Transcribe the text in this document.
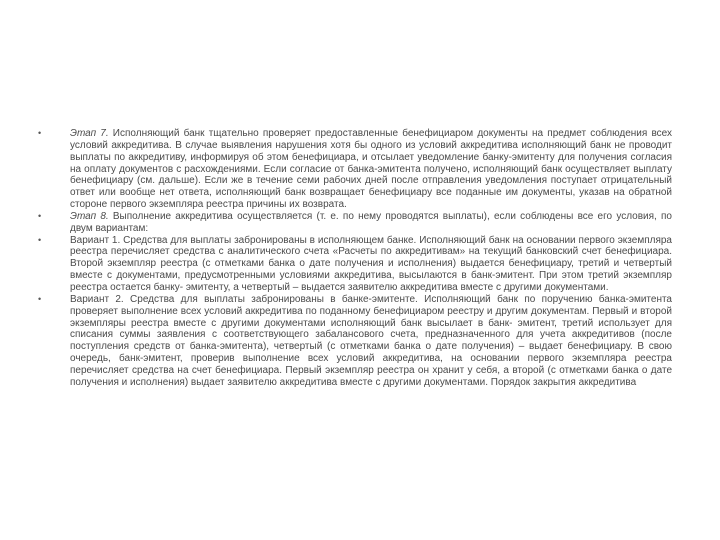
•	Этап 7. Исполняющий банк тщательно проверяет предоставленные бенефициаром документы на предмет соблюдения всех условий аккредитива. В случае выявления нарушения хотя бы одного из условий аккредитива исполняющий банк не проводит выплаты по аккредитиву, информируя об этом бенефициара, и отсылает уведомление банку-эмитенту для получения согласия на оплату документов с расхождениями. Если согласие от банка-эмитента получено, исполняющий банк осуществляет выплату бенефициару (см. дальше). Если же в течение семи рабочих дней после отправления уведомления поступает отрицательный ответ или вообще нет ответа, исполняющий банк возвращает бенефициару все поданные им документы, указав на обратной стороне первого экземпляра реестра причины их возврата.
•	Этап 8. Выполнение аккредитива осуществляется (т. е. по нему проводятся выплаты), если соблюдены все его условия, по двум вариантам:
•	Вариант 1. Средства для выплаты забронированы в исполняющем банке. Исполняющий банк на основании первого экземпляра реестра перечисляет средства с аналитического счета «Расчеты по аккредитивам» на текущий банковский счет бенефициара. Второй экземпляр реестра (с отметками банка о дате получения и исполнения) выдается бенефициару, третий и четвертый вместе с документами, предусмотренными условиями аккредитива, высылаются в банк-эмитент. При этом третий экземпляр реестра остается банку- эмитенту, а четвертый – выдается заявителю аккредитива вместе с другими документами.
•	Вариант 2. Средства для выплаты забронированы в банке-эмитенте. Исполняющий банк по поручению банка-эмитента проверяет выполнение всех условий аккредитива по поданному бенефициаром реестру и другим документам. Первый и второй экземпляры реестра вместе с другими документами исполняющий банк высылает в банк- эмитент, третий использует для списания суммы заявления с соответствующего забалансового счета, предназначенного для учета аккредитивов (после поступления средств от банка-эмитента), четвертый (с отметками банка о дате получения) – выдает бенефициару. В свою очередь, банк-эмитент, проверив выполнение всех условий аккредитива, на основании первого экземпляра реестра перечисляет средства на счет бенефициара. Первый экземпляр реестра он хранит у себя, а второй (с отметками банка о дате получения и исполнения) выдает заявителю аккредитива вместе с другими документами. Порядок закрытия аккредитива
